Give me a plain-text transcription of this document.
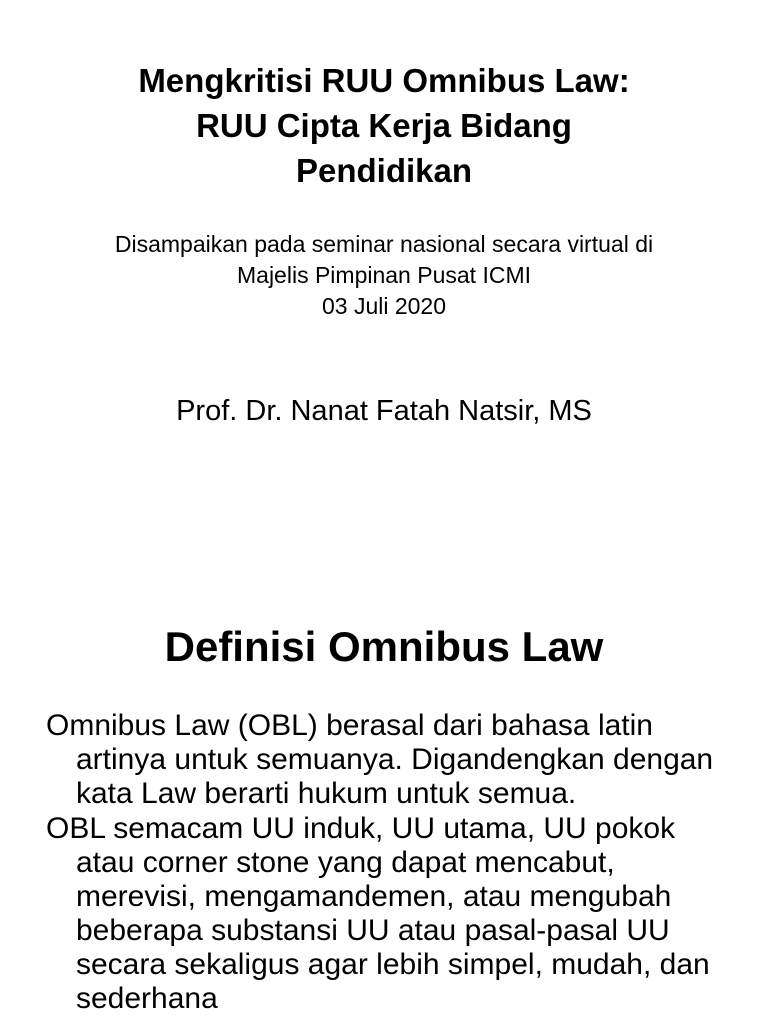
Mengkritisi RUU Omnibus Law:
RUU Cipta Kerja Bidang
Pendidikan

Disampaikan pada seminar nasional secara virtual di
Majelis Pimpinan Pusat ICMI
03 Juli 2020

Prof. Dr. Nanat Fatah Natsir, MS

Definisi Omnibus Law
Omnibus Law (OBL) berasal dari bahasa latin artinya untuk semuanya. Digandengkan dengan kata Law berarti hukum untuk semua.
OBL semacam UU induk, UU utama, UU pokok atau corner stone yang dapat mencabut, merevisi, mengamandemen, atau mengubah beberapa substansi UU atau pasal-pasal UU secara sekaligus agar lebih simpel, mudah, dan sederhana
